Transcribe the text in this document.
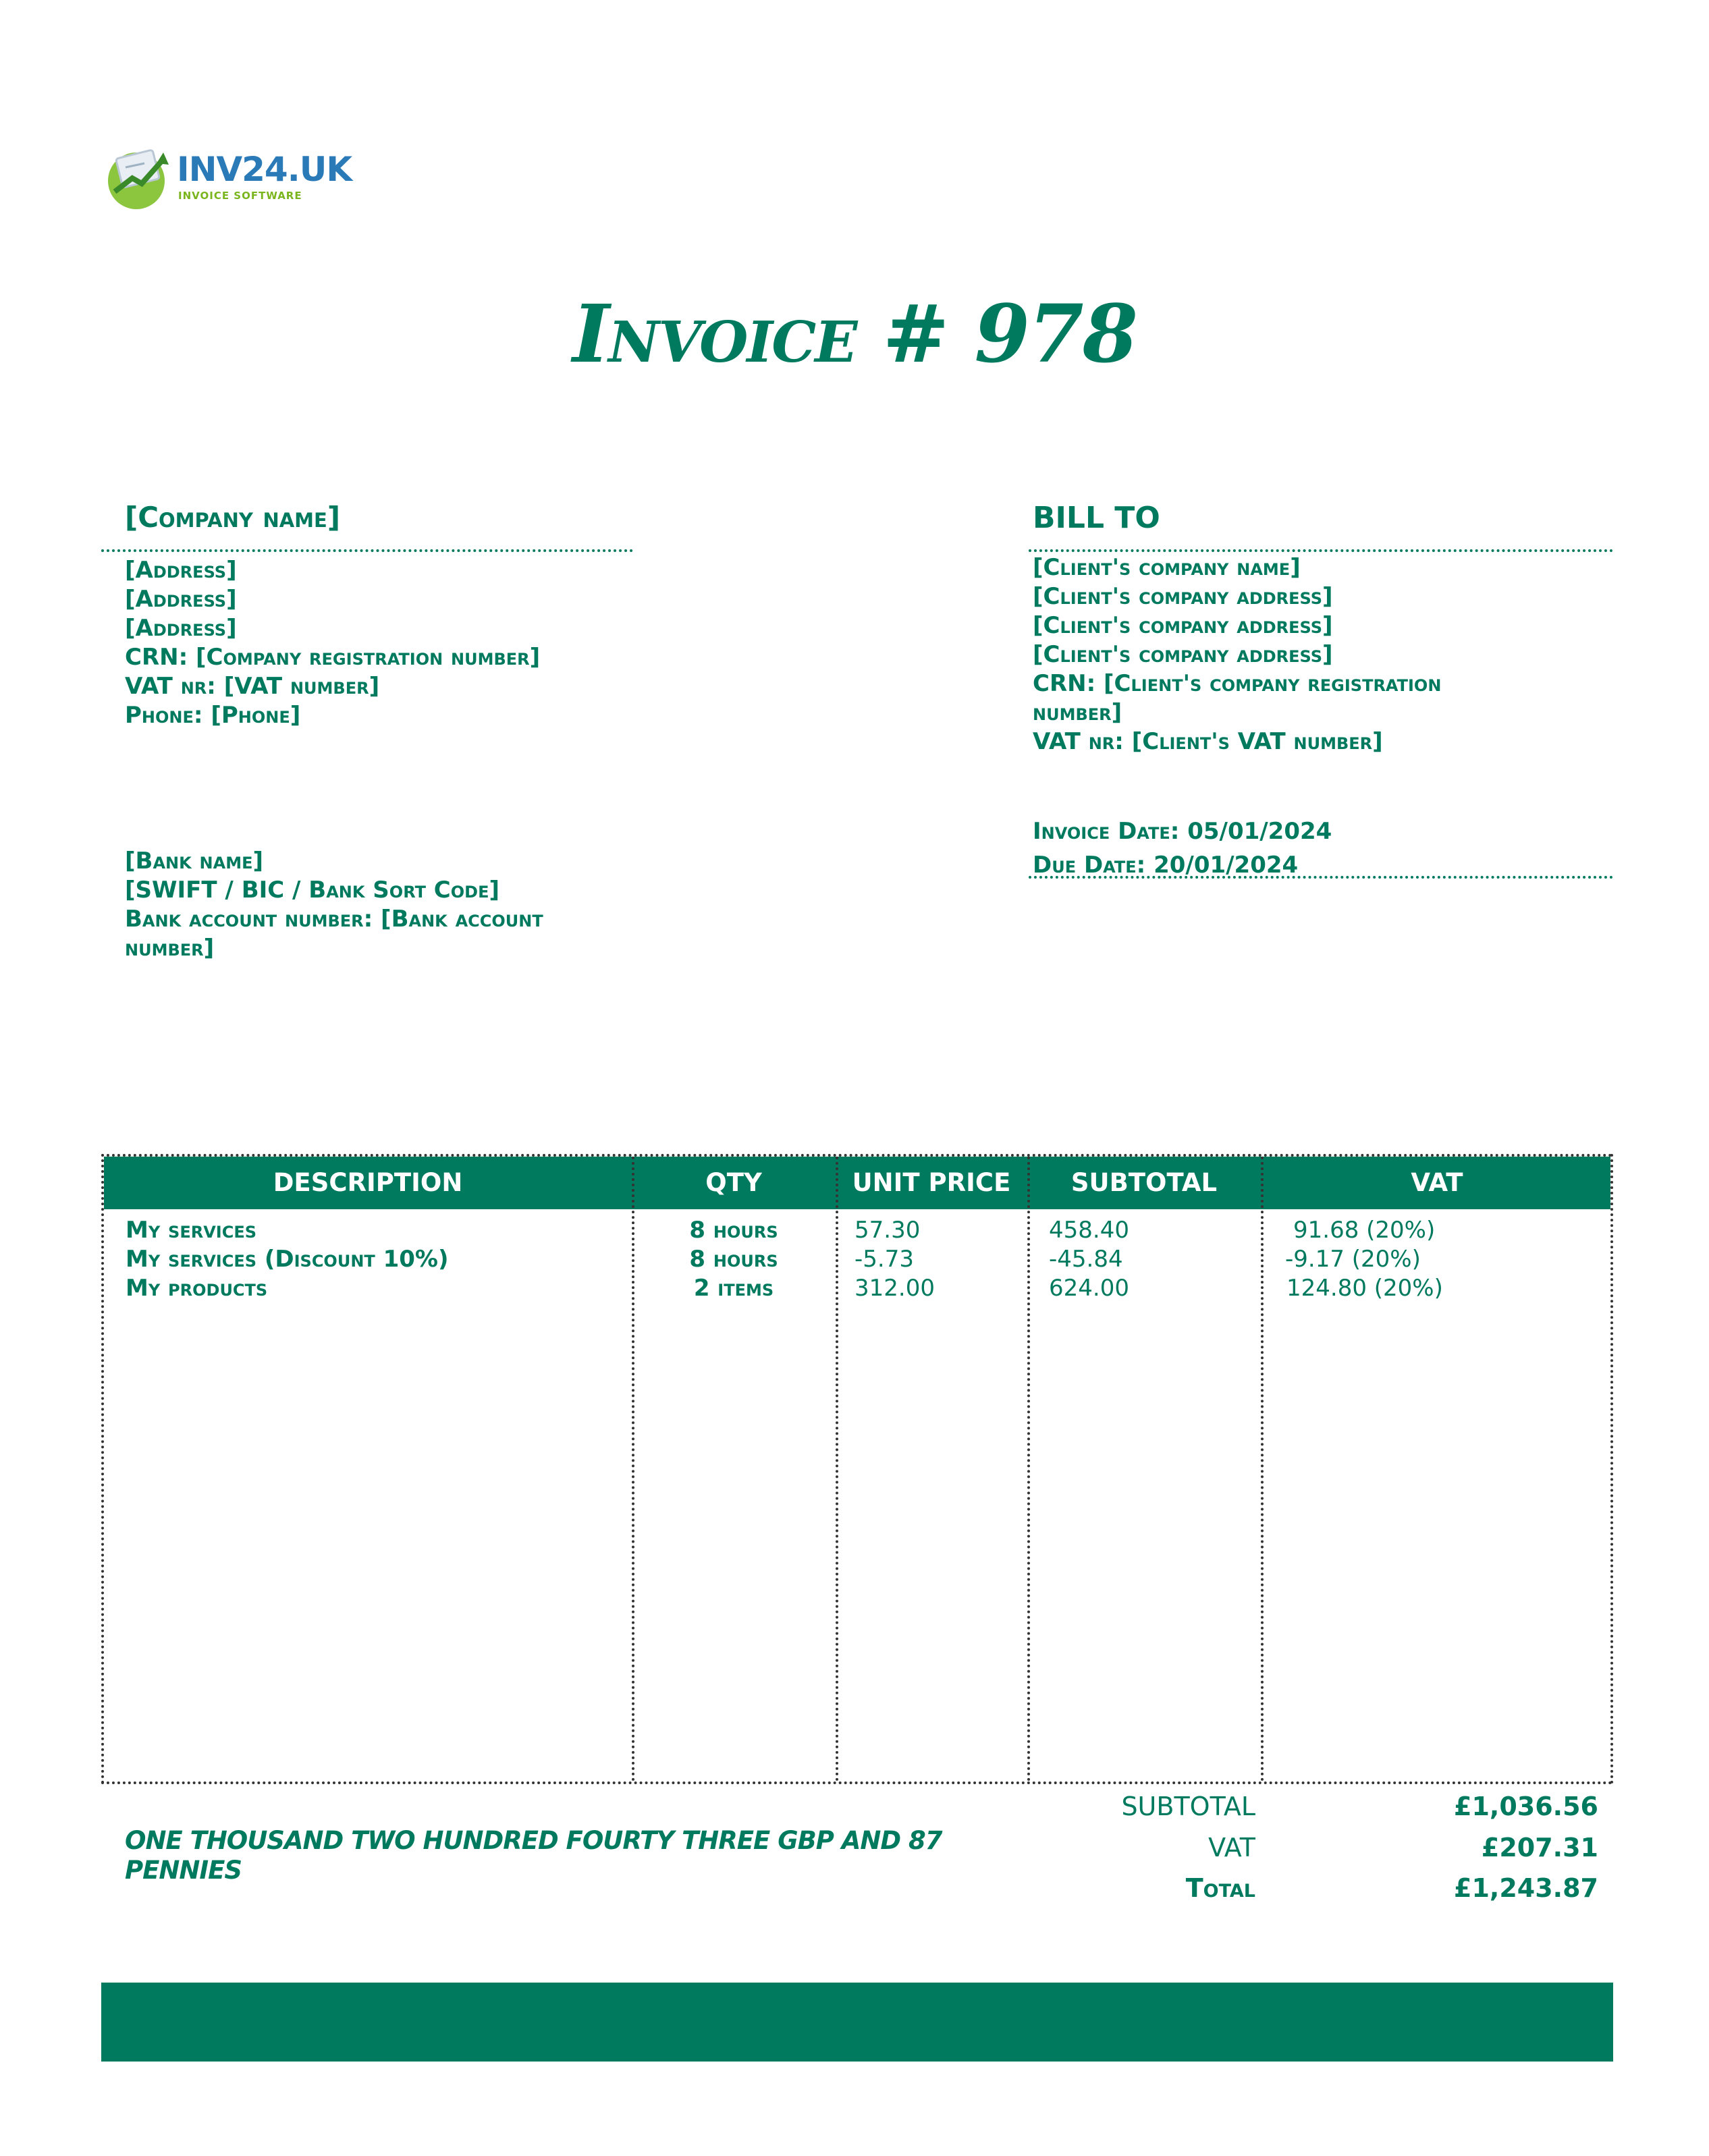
INV24.UK
INVOICE SOFTWARE
Invoice # 978
[Company name]
[Address]
[Address]
[Address]
CRN: [Company registration number]
VAT nr: [VAT number]
Phone: [Phone]
[Bank name]
[SWIFT / BIC / Bank Sort Code]
Bank account number: [Bank account
number]
BILL TO
[Client's company name]
[Client's company address]
[Client's company address]
[Client's company address]
CRN: [Client's company registration
number]
VAT nr: [Client's VAT number]
Invoice Date: 05/01/2024
Due Date: 20/01/2024
DESCRIPTION	QTY	UNIT PRICE	SUBTOTAL	VAT
My services	8 hours	57.30	458.40	91.68 (20%)
My services (Discount 10%)	8 hours	-5.73	-45.84	-9.17 (20%)
My products	2 items	312.00	624.00	124.80 (20%)
SUBTOTAL	£1,036.56
VAT	£207.31
Total	£1,243.87
ONE THOUSAND TWO HUNDRED FOURTY THREE GBP AND 87 PENNIES
